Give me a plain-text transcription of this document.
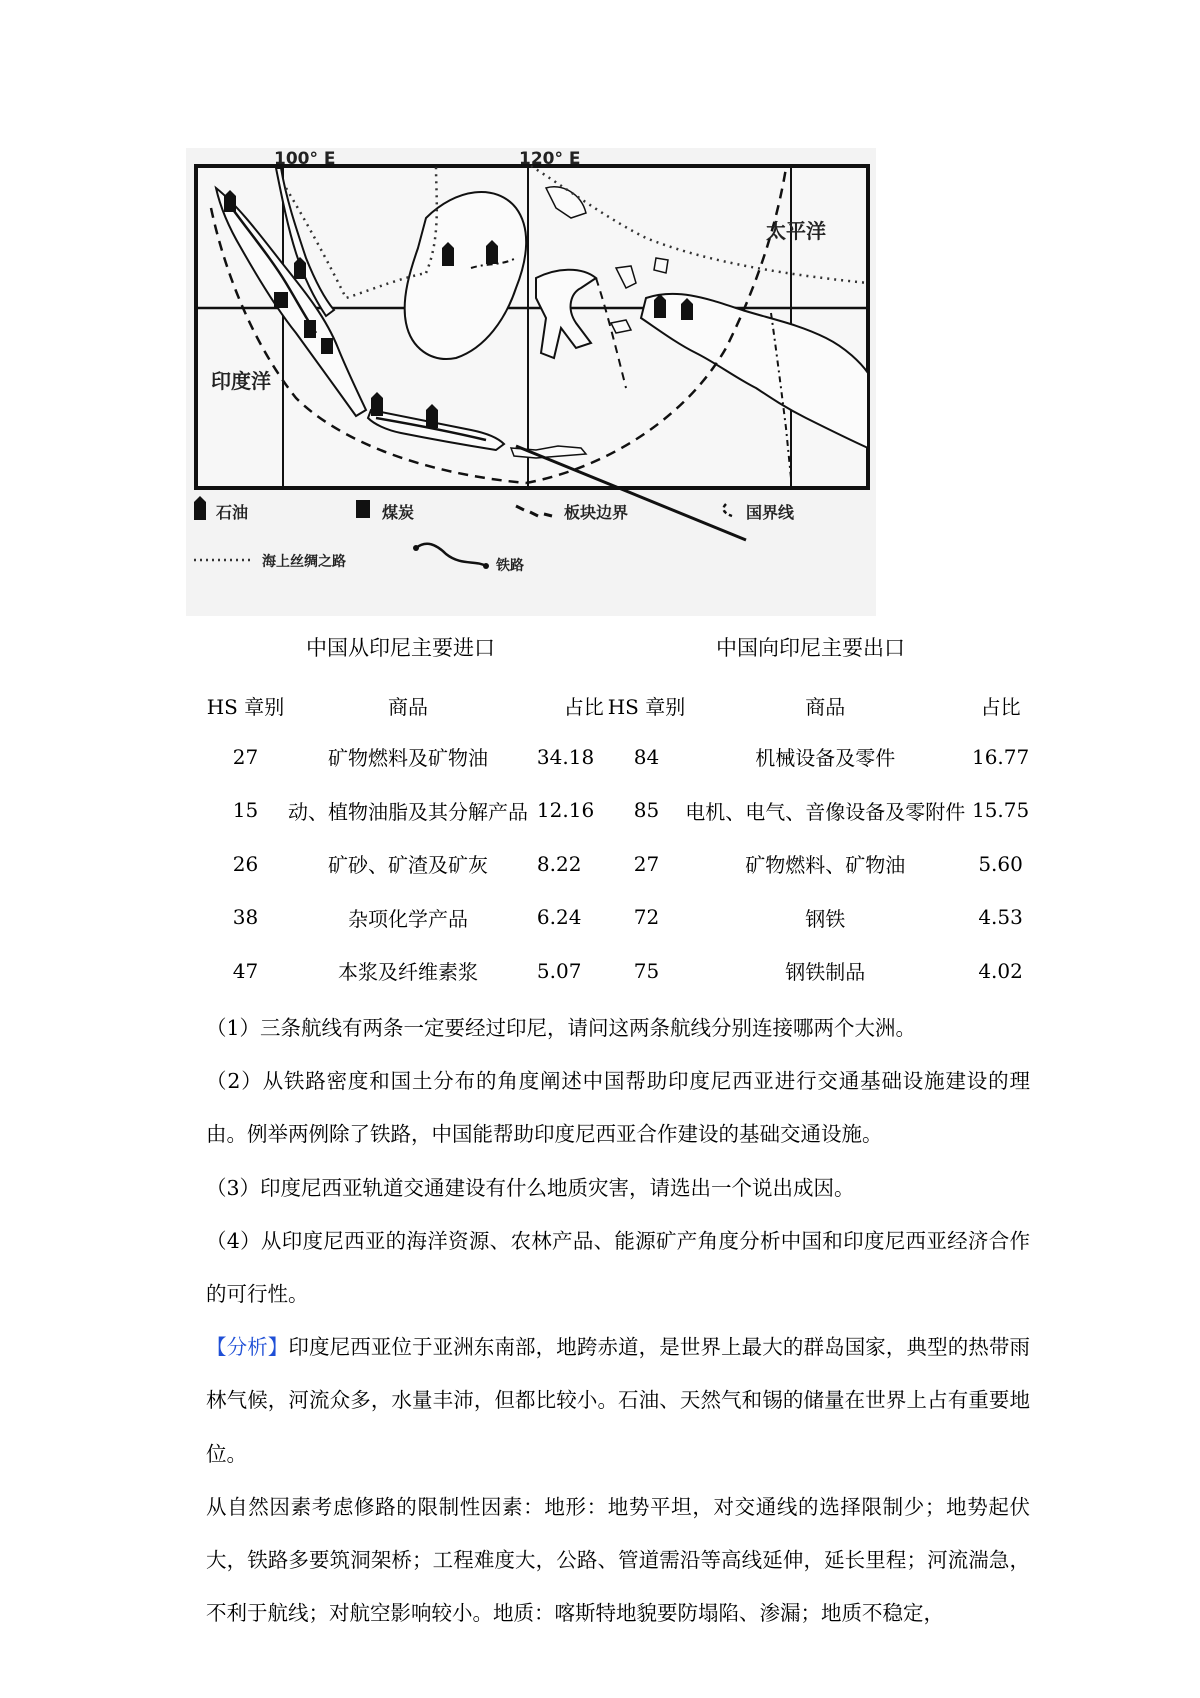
100° E	120° E
太平洋
印度洋
石油	煤炭	板块边界	国界线
海上丝绸之路	铁路
中国从印尼主要进口	中国向印尼主要出口
HS 章别	商品	占比	HS 章别	商品	占比
27	矿物燃料及矿物油	34.18	84	机械设备及零件	16.77
15	动、植物油脂及其分解产品	12.16	85	电机、电气、音像设备及零附件	15.75
26	矿砂、矿渣及矿灰	8.22	27	矿物燃料、矿物油	5.60
38	杂项化学产品	6.24	72	钢铁	4.53
47	本浆及纤维素浆	5.07	75	钢铁制品	4.02

（1）三条航线有两条一定要经过印尼，请问这两条航线分别连接哪两个大洲。

（2）从铁路密度和国土分布的角度阐述中国帮助印度尼西亚进行交通基础设施建设的理由。例举两例除了铁路，中国能帮助印度尼西亚合作建设的基础交通设施。

（3）印度尼西亚轨道交通建设有什么地质灾害，请选出一个说出成因。

（4）从印度尼西亚的海洋资源、农林产品、能源矿产角度分析中国和印度尼西亚经济合作的可行性。

【分析】印度尼西亚位于亚洲东南部，地跨赤道，是世界上最大的群岛国家，典型的热带雨林气候，河流众多，水量丰沛，但都比较小。石油、天然气和锡的储量在世界上占有重要地位。

从自然因素考虑修路的限制性因素：地形：地势平坦，对交通线的选择限制少；地势起伏大，铁路多要筑洞架桥；工程难度大，公路、管道需沿等高线延伸，延长里程；河流湍急，不利于航线；对航空影响较小。地质：喀斯特地貌要防塌陷、渗漏；地质不稳定，
